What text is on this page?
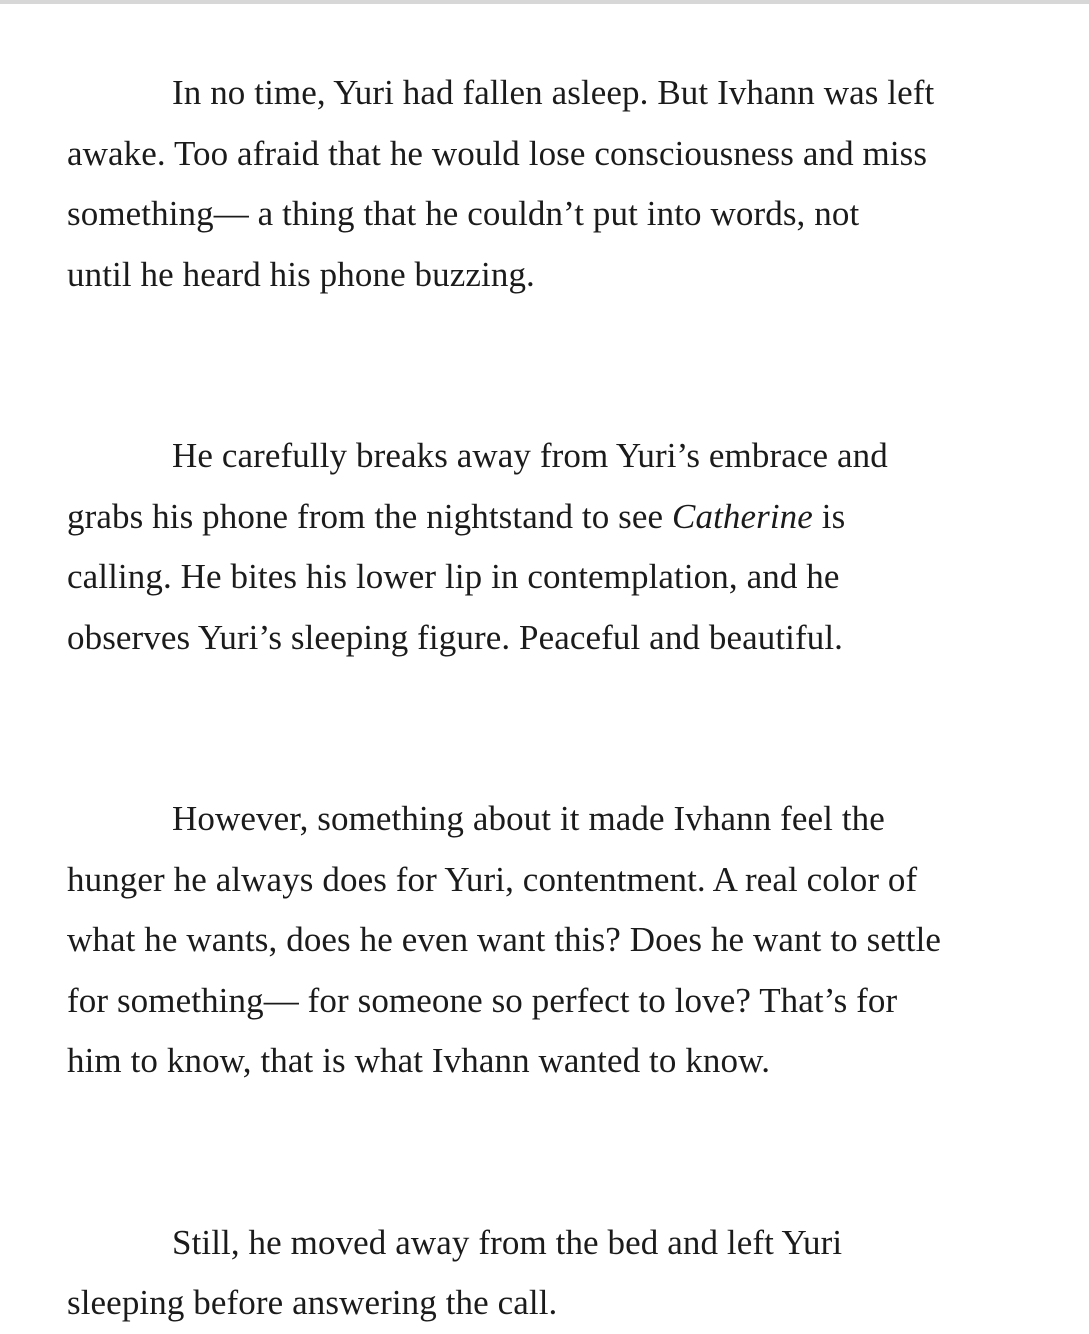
In no time, Yuri had fallen asleep. But Ivhann was left
awake. Too afraid that he would lose consciousness and miss
something— a thing that he couldn’t put into words, not
until he heard his phone buzzing.
He carefully breaks away from Yuri’s embrace and
grabs his phone from the nightstand to see Catherine is
calling. He bites his lower lip in contemplation, and he
observes Yuri’s sleeping figure. Peaceful and beautiful.
However, something about it made Ivhann feel the
hunger he always does for Yuri, contentment. A real color of
what he wants, does he even want this? Does he want to settle
for something— for someone so perfect to love? That’s for
him to know, that is what Ivhann wanted to know.
Still, he moved away from the bed and left Yuri
sleeping before answering the call.
